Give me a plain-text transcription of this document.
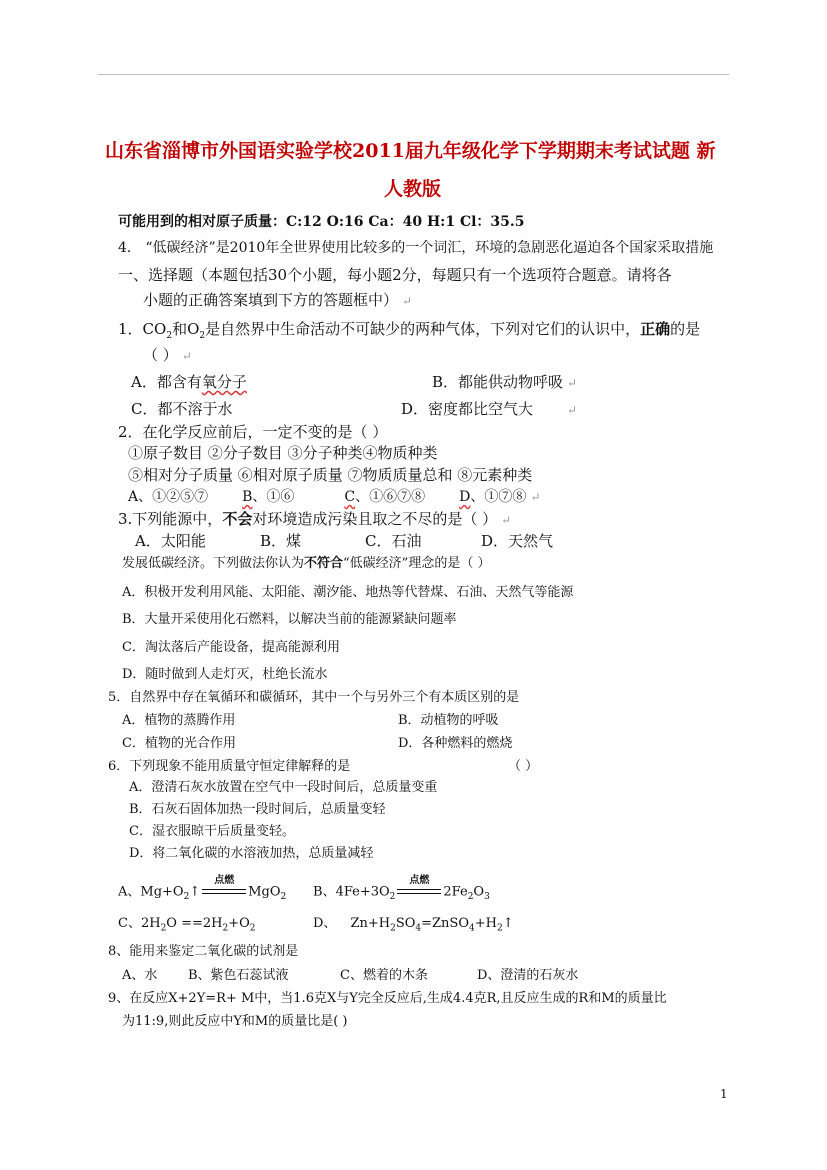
山东省淄博市外国语实验学校2011届九年级化学下学期期末考试试题 新
人教版
可能用到的相对原子质量：C:12 O:16 Ca：40 H:1 Cl：35.5
4． “低碳经济”是2010年全世界使用比较多的一个词汇，环境的急剧恶化逼迫各个国家采取措施
一、选择题（本题包括30个小题，每小题2分，每题只有一个选项符合题意。请将各
小题的正确答案填到下方的答题框中） ↵
1．$CO_2$和$O_2$是自然界中生命活动不可缺少的两种气体，下列对它们的认识中，正确的是
（ ） ↵
A．都含有氧分子	B．都能供动物呼吸 ↵
C．都不溶于水	D．密度都比空气大	↵
2．在化学反应前后，一定不变的是（ ）
①原子数目 ②分子数目 ③分子种类④物质种类
⑤相对分子质量 ⑥相对原子质量 ⑦物质质量总和 ⑧元素种类
A、①②⑤⑦ B、①⑥	C、①⑥⑦⑧ D、①⑦⑧ ↵
3.下列能源中，不会对环境造成污染且取之不尽的是（ ） ↵
A．太阳能	B．煤	C．石油	D．天然气
发展低碳经济。下列做法你认为不符合“低碳经济”理念的是（ ）
A．积极开发利用风能、太阳能、潮汐能、地热等代替煤、石油、天然气等能源
B．大量开采使用化石燃料，以解决当前的能源紧缺问题率
C．淘汰落后产能设备，提高能源利用
D．随时做到人走灯灭，杜绝长流水
5．自然界中存在氧循环和碳循环，其中一个与另外三个有本质区别的是
A．植物的蒸腾作用	B．动植物的呼吸
C．植物的光合作用	D．各种燃料的燃烧
6．下列现象不能用质量守恒定律解释的是	（ ）
A．澄清石灰水放置在空气中一段时间后，总质量变重
B．石灰石固体加热一段时间后，总质量变轻
C．湿衣服晾干后质量变轻。
D．将二氧化碳的水溶液加热，总质量减轻
A、$Mg+O_2↑$
点燃
MgO$_2$ B、$4Fe+3O_2$
点燃
$2Fe_2O_3$
C、$2H_2O ==2H_2+O_2$	D、 $Zn+H_2SO_4=ZnSO_4+H_2↑$
8、能用来鉴定二氧化碳的试剂是
A、水 B、紫色石蕊试液	C、燃着的木条	D、澄清的石灰水
9、在反应X+2Y=R+ M中，当1.6克X与Y完全反应后,生成4.4克R,且反应生成的R和M的质量比
为11:9,则此反应中Y和M的质量比是( )
1
